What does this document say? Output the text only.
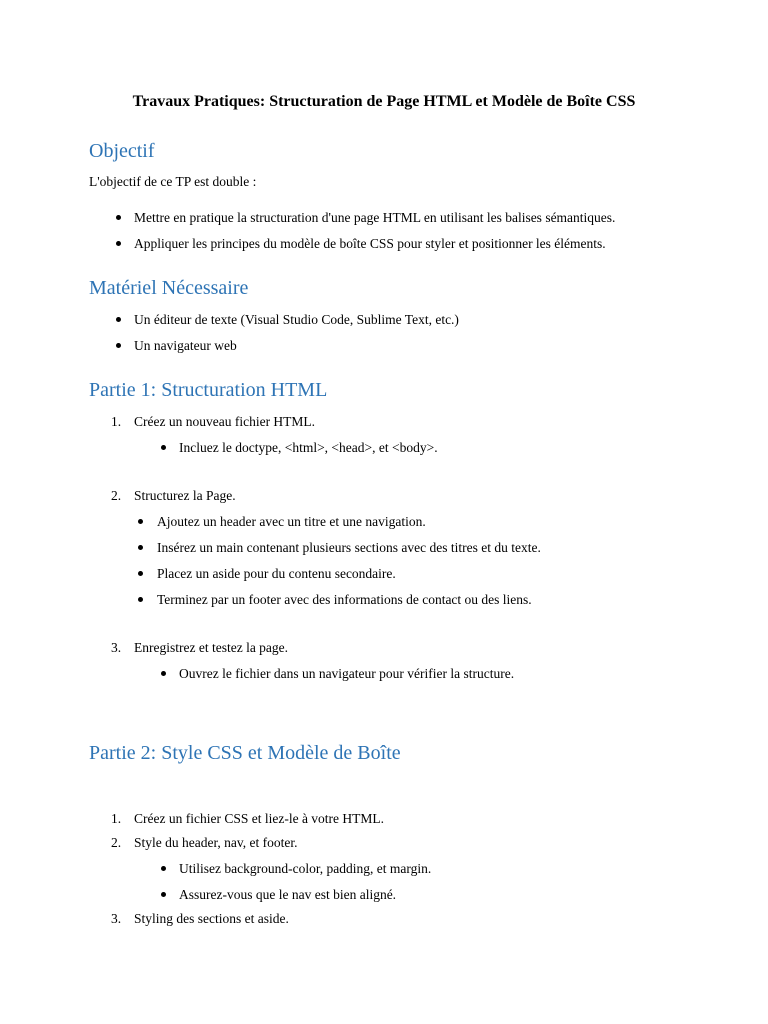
Travaux Pratiques: Structuration de Page HTML et Modèle de Boîte CSS
Objectif
L'objectif de ce TP est double :
Mettre en pratique la structuration d'une page HTML en utilisant les balises sémantiques.
Appliquer les principes du modèle de boîte CSS pour styler et positionner les éléments.
Matériel Nécessaire
Un éditeur de texte (Visual Studio Code, Sublime Text, etc.)
Un navigateur web
Partie 1: Structuration HTML
1. Créez un nouveau fichier HTML.
Incluez le doctype, <html>, <head>, et <body>.
2. Structurez la Page.
Ajoutez un header avec un titre et une navigation.
Insérez un main contenant plusieurs sections avec des titres et du texte.
Placez un aside pour du contenu secondaire.
Terminez par un footer avec des informations de contact ou des liens.
3. Enregistrez et testez la page.
Ouvrez le fichier dans un navigateur pour vérifier la structure.
Partie 2: Style CSS et Modèle de Boîte
1. Créez un fichier CSS et liez-le à votre HTML.
2. Style du header, nav, et footer.
Utilisez background-color, padding, et margin.
Assurez-vous que le nav est bien aligné.
3. Styling des sections et aside.
